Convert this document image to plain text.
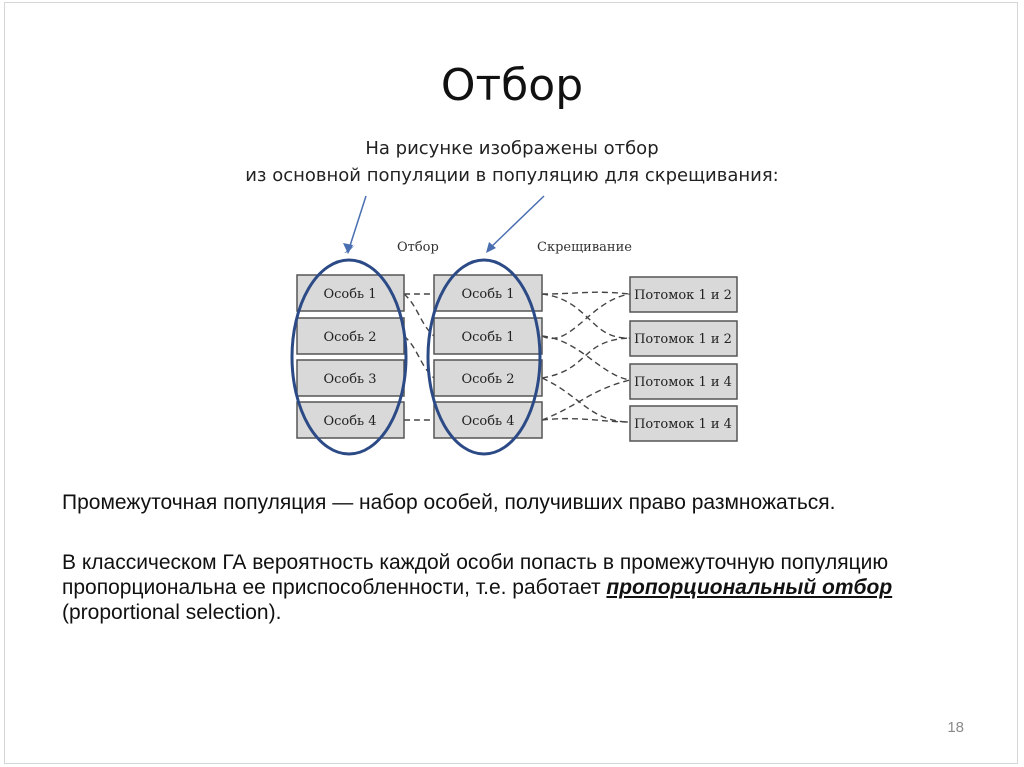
Отбор
На рисунке изображены отбор
из основной популяции в популяцию для скрещивания:
Отбор	Скрещивание
Особь 1
Особь 2
Особь 3
Особь 4
Особь 1
Особь 1
Особь 2
Особь 4
Потомок 1 и 2
Потомок 1 и 2
Потомок 1 и 4
Потомок 1 и 4
Промежуточная популяция — набор особей, получивших право размножаться.
В классическом ГА вероятность каждой особи попасть в промежуточную популяцию пропорциональна ее приспособленности, т.е. работает пропорциональный отбор (proportional selection).
18
